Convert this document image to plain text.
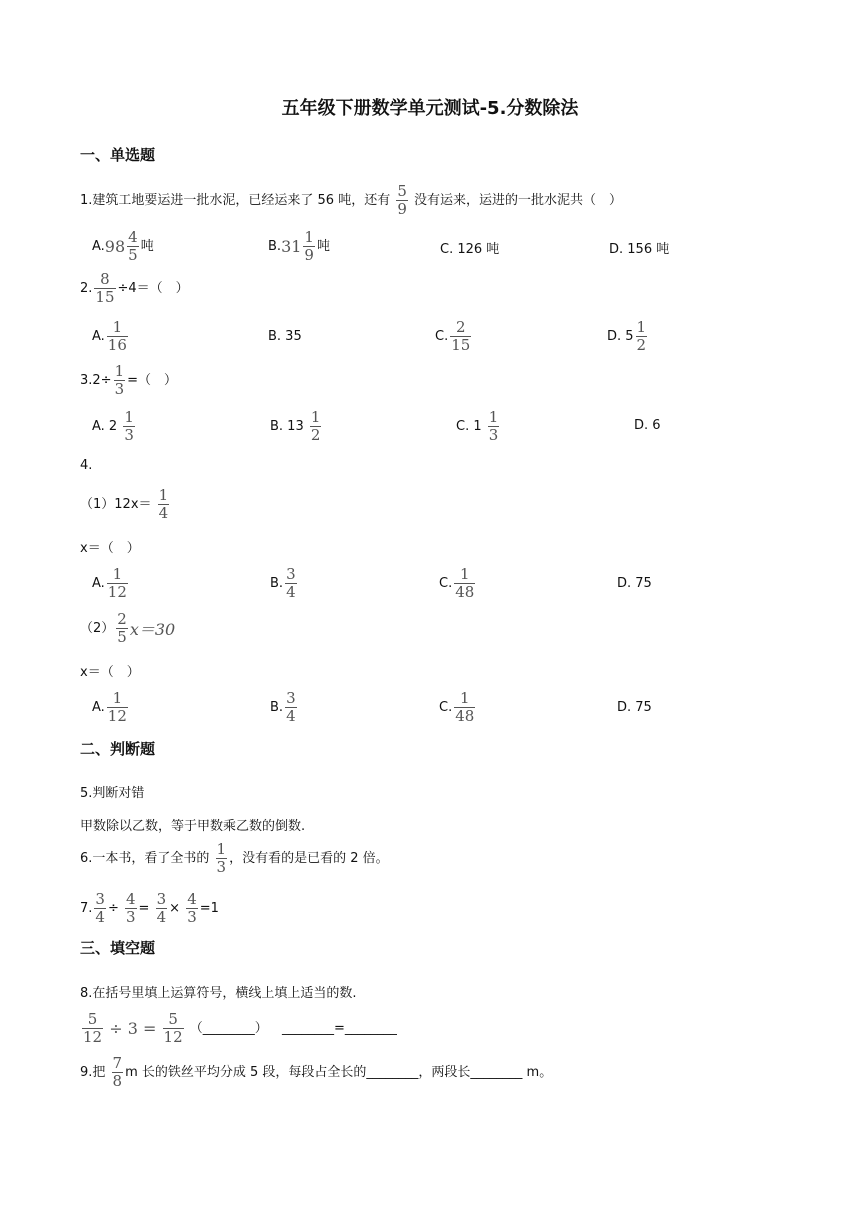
五年级下册数学单元测试-5.分数除法
一、单选题
1.建筑工地要运进一批水泥，已经运来了 56 吨，还有 $\frac{5}{9}$ 没有运来，运进的一批水泥共（　）
$A.98 \frac{4}{5}$ 吨	$B.31 \frac{1}{9}$ 吨	C. 126 吨	D. 156 吨
2. $\frac{8}{15} \div 4=$（　）
A. $\frac{1}{16}$	B. 35	C. $\frac{2}{15}$	D. $5 \frac{1}{2}$
$3.2\div \frac{1}{3}$ =（　）
A. $2 \frac{1}{3}$	B. $13 \frac{1}{2}$	C. $1 \frac{1}{3}$	D. 6
4.
$(1)12x= \frac{1}{4}$
x＝（　）
A. $\frac{1}{12}$	B. $\frac{3}{4}$	C. $\frac{1}{48}$	D. 75
$(2) \frac{2}{5} x=30$
x＝（　）
A. $\frac{1}{12}$	B. $\frac{3}{4}$	C. $\frac{1}{48}$	D. 75
二、判断题
5.判断对错
甲数除以乙数，等于甲数乘乙数的倒数.
6.一本书，看了全书的 $\frac{1}{3}$ ，没有看的是已看的 2 倍。
7. $\frac{3}{4} \div \frac{4}{3} = \frac{3}{4} \times \frac{4}{3} =1$
三、填空题
8.在括号里填上运算符号，横线上填上适当的数.
$\frac{5}{12} \div 3 = \frac{5}{12}$ （________） ________=________
9.把 $\frac{7}{8}$ m 长的铁丝平均分成 5 段，每段占全长的________，两段长________ m。
